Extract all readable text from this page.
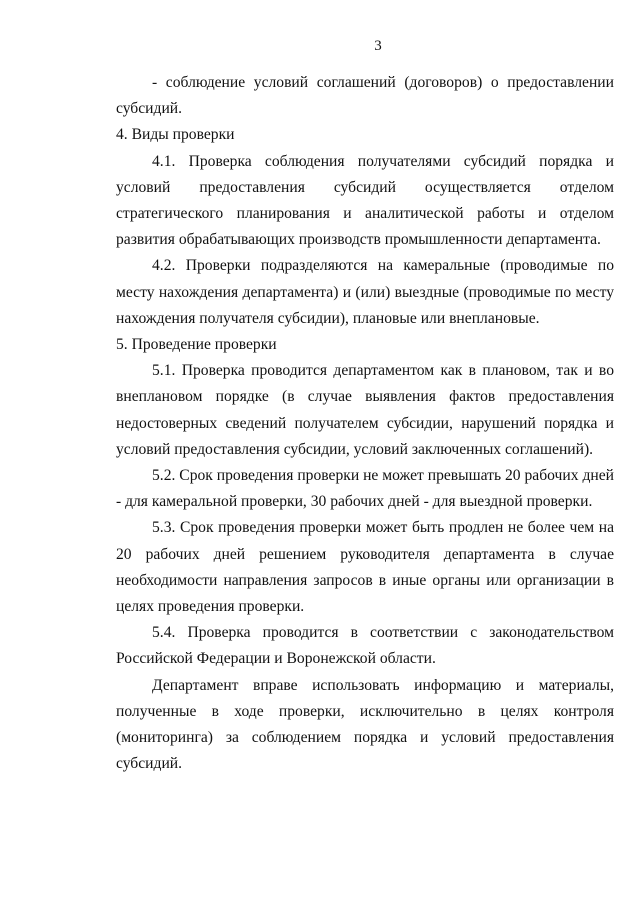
3

- соблюдение условий соглашений (договоров) о предоставлении субсидий.

4. Виды проверки

4.1. Проверка соблюдения получателями субсидий порядка и условий предоставления субсидий осуществляется отделом стратегического планирования и аналитической работы и отделом развития обрабатывающих производств промышленности департамента.

4.2. Проверки подразделяются на камеральные (проводимые по месту нахождения департамента) и (или) выездные (проводимые по месту нахождения получателя субсидии), плановые или внеплановые.

5. Проведение проверки

5.1. Проверка проводится департаментом как в плановом, так и во внеплановом порядке (в случае выявления фактов предоставления недостоверных сведений получателем субсидии, нарушений порядка и условий предоставления субсидии, условий заключенных соглашений).

5.2. Срок проведения проверки не может превышать 20 рабочих дней - для камеральной проверки, 30 рабочих дней - для выездной проверки.

5.3. Срок проведения проверки может быть продлен не более чем на 20 рабочих дней решением руководителя департамента в случае необходимости направления запросов в иные органы или организации в целях проведения проверки.

5.4. Проверка проводится в соответствии с законодательством Российской Федерации и Воронежской области.

Департамент вправе использовать информацию и материалы, полученные в ходе проверки, исключительно в целях контроля (мониторинга) за соблюдением порядка и условий предоставления субсидий.
